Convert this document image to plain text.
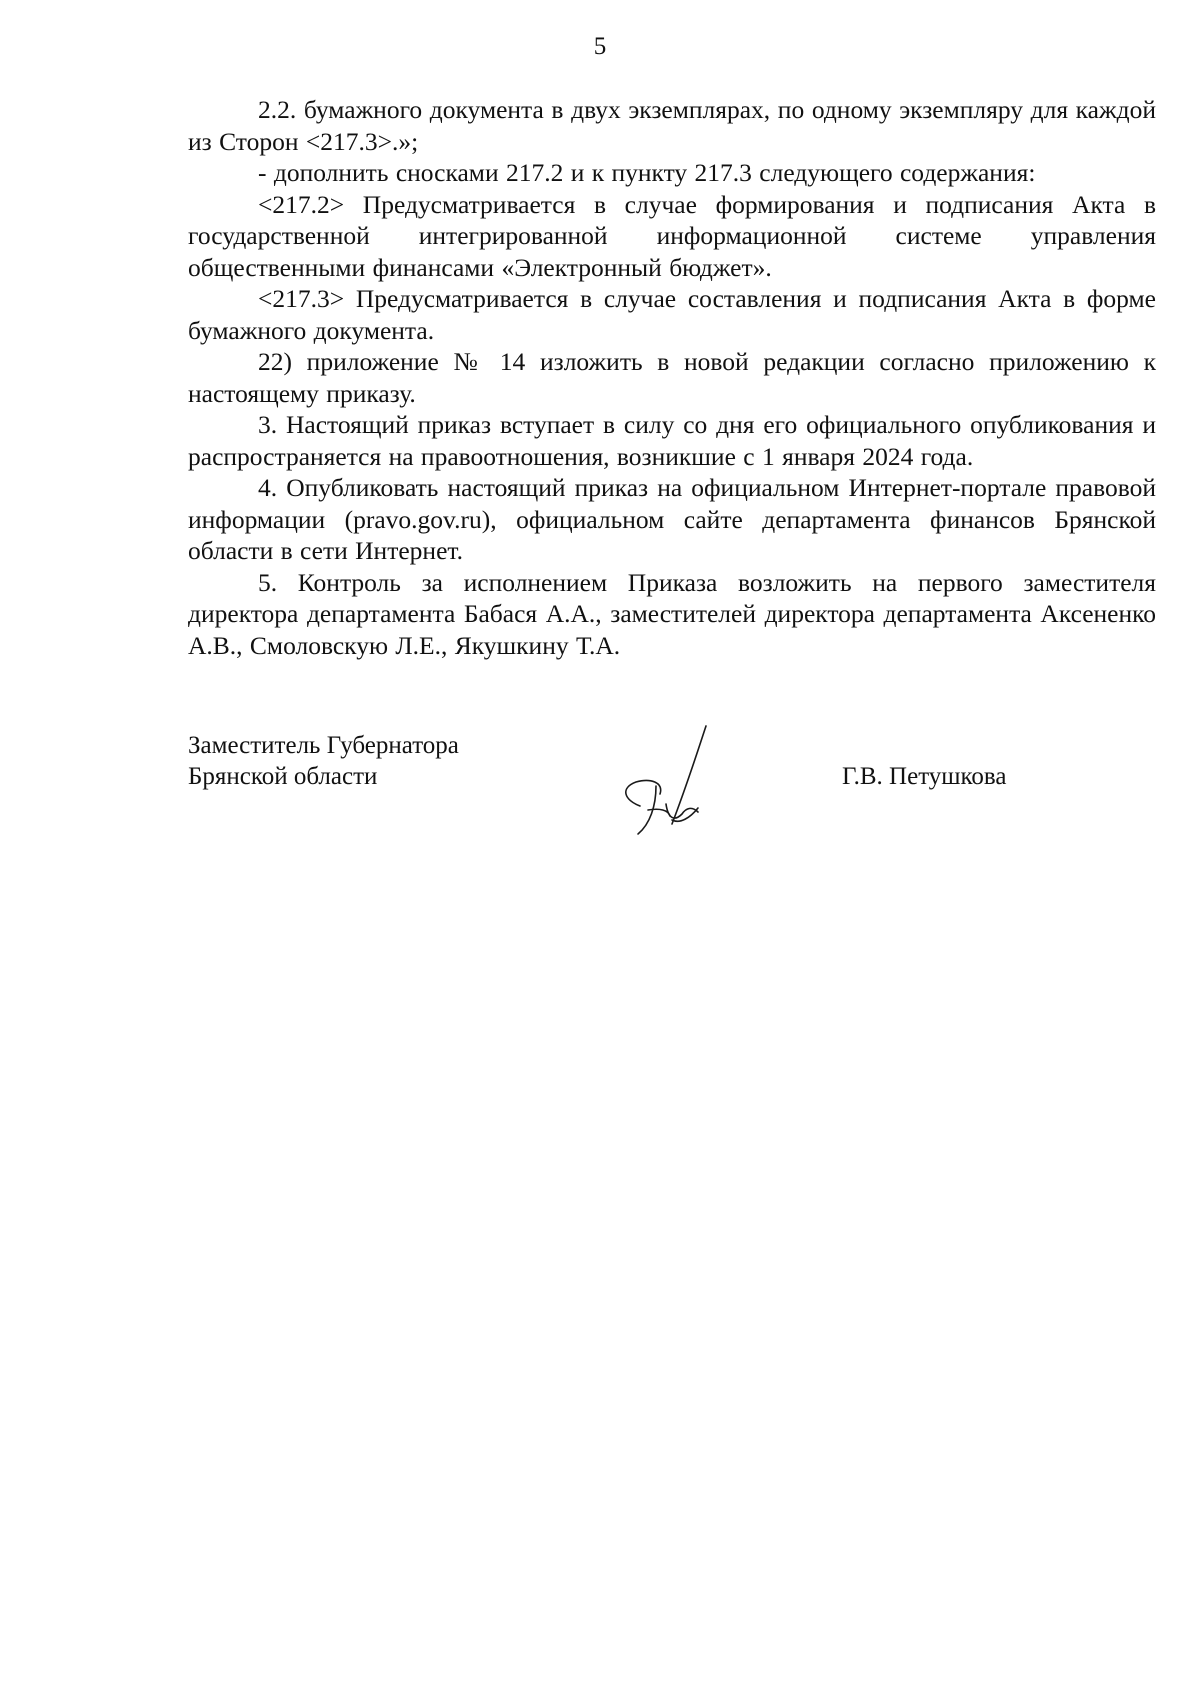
5

2.2. бумажного документа в двух экземплярах, по одному экземпляру для каждой из Сторон <217.3>.»;

- дополнить сносками 217.2 и к пункту 217.3 следующего содержания:

<217.2> Предусматривается в случае формирования и подписания Акта в государственной интегрированной информационной системе управления общественными финансами «Электронный бюджет».

<217.3> Предусматривается в случае составления и подписания Акта в форме бумажного документа.

22) приложение № 14 изложить в новой редакции согласно приложению к настоящему приказу.

3. Настоящий приказ вступает в силу со дня его официального опубликования и распространяется на правоотношения, возникшие с 1 января 2024 года.

4. Опубликовать настоящий приказ на официальном Интернет-портале правовой информации (pravo.gov.ru), официальном сайте департамента финансов Брянской области в сети Интернет.

5. Контроль за исполнением Приказа возложить на первого заместителя директора департамента Бабася А.А., заместителей директора департамента Аксененко А.В., Смоловскую Л.Е., Якушкину Т.А.

Заместитель Губернатора
Брянской области	Г.В. Петушкова
